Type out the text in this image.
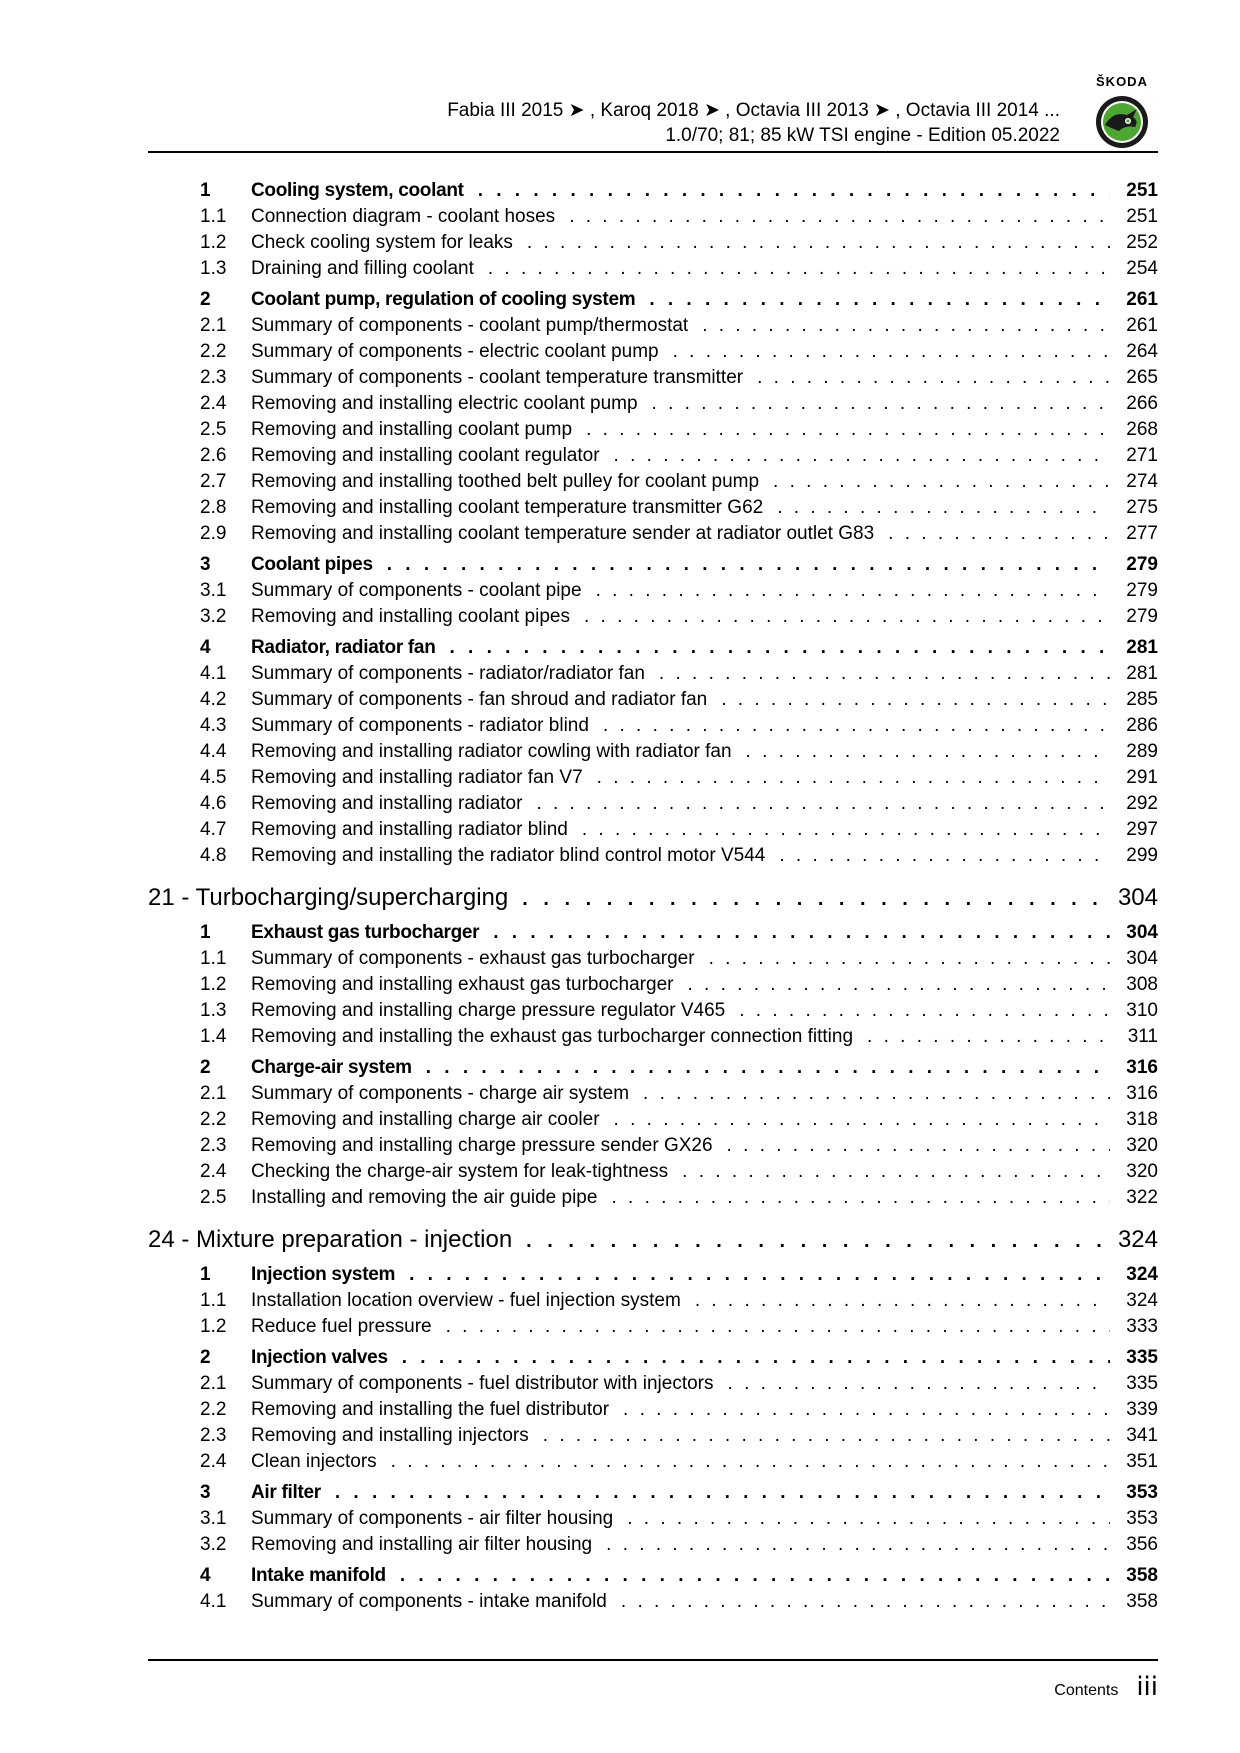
Fabia III 2015 ➤ , Karoq 2018 ➤ , Octavia III 2013 ➤ , Octavia III 2014 ...
1.0/70; 81; 85 kW TSI engine - Edition 05.2022
ŠKODA
1	Cooling system, coolant . . .	251
1.1	Connection diagram - coolant hoses . . .	251
1.2	Check cooling system for leaks . . .	252
1.3	Draining and filling coolant . . .	254
2	Coolant pump, regulation of cooling system . . .	261
2.1	Summary of components - coolant pump/thermostat . . .	261
2.2	Summary of components - electric coolant pump . . .	264
2.3	Summary of components - coolant temperature transmitter . . .	265
2.4	Removing and installing electric coolant pump . . .	266
2.5	Removing and installing coolant pump . . .	268
2.6	Removing and installing coolant regulator . . .	271
2.7	Removing and installing toothed belt pulley for coolant pump . . .	274
2.8	Removing and installing coolant temperature transmitter G62 . . .	275
2.9	Removing and installing coolant temperature sender at radiator outlet G83 . . .	277
3	Coolant pipes . . .	279
3.1	Summary of components - coolant pipe . . .	279
3.2	Removing and installing coolant pipes . . .	279
4	Radiator, radiator fan . . .	281
4.1	Summary of components - radiator/radiator fan . . .	281
4.2	Summary of components - fan shroud and radiator fan . . .	285
4.3	Summary of components - radiator blind . . .	286
4.4	Removing and installing radiator cowling with radiator fan . . .	289
4.5	Removing and installing radiator fan V7 . . .	291
4.6	Removing and installing radiator . . .	292
4.7	Removing and installing radiator blind . . .	297
4.8	Removing and installing the radiator blind control motor V544 . . .	299
21 - Turbocharging/supercharging . . .	304
1	Exhaust gas turbocharger . . .	304
1.1	Summary of components - exhaust gas turbocharger . . .	304
1.2	Removing and installing exhaust gas turbocharger . . .	308
1.3	Removing and installing charge pressure regulator V465 . . .	310
1.4	Removing and installing the exhaust gas turbocharger connection fitting . . .	311
2	Charge-air system . . .	316
2.1	Summary of components - charge air system . . .	316
2.2	Removing and installing charge air cooler . . .	318
2.3	Removing and installing charge pressure sender GX26 . . .	320
2.4	Checking the charge-air system for leak-tightness . . .	320
2.5	Installing and removing the air guide pipe . . .	322
24 - Mixture preparation - injection . . .	324
1	Injection system . . .	324
1.1	Installation location overview - fuel injection system . . .	324
1.2	Reduce fuel pressure . . .	333
2	Injection valves . . .	335
2.1	Summary of components - fuel distributor with injectors . . .	335
2.2	Removing and installing the fuel distributor . . .	339
2.3	Removing and installing injectors . . .	341
2.4	Clean injectors . . .	351
3	Air filter . . .	353
3.1	Summary of components - air filter housing . . .	353
3.2	Removing and installing air filter housing . . .	356
4	Intake manifold . . .	358
4.1	Summary of components - intake manifold . . .	358
Contents iii
